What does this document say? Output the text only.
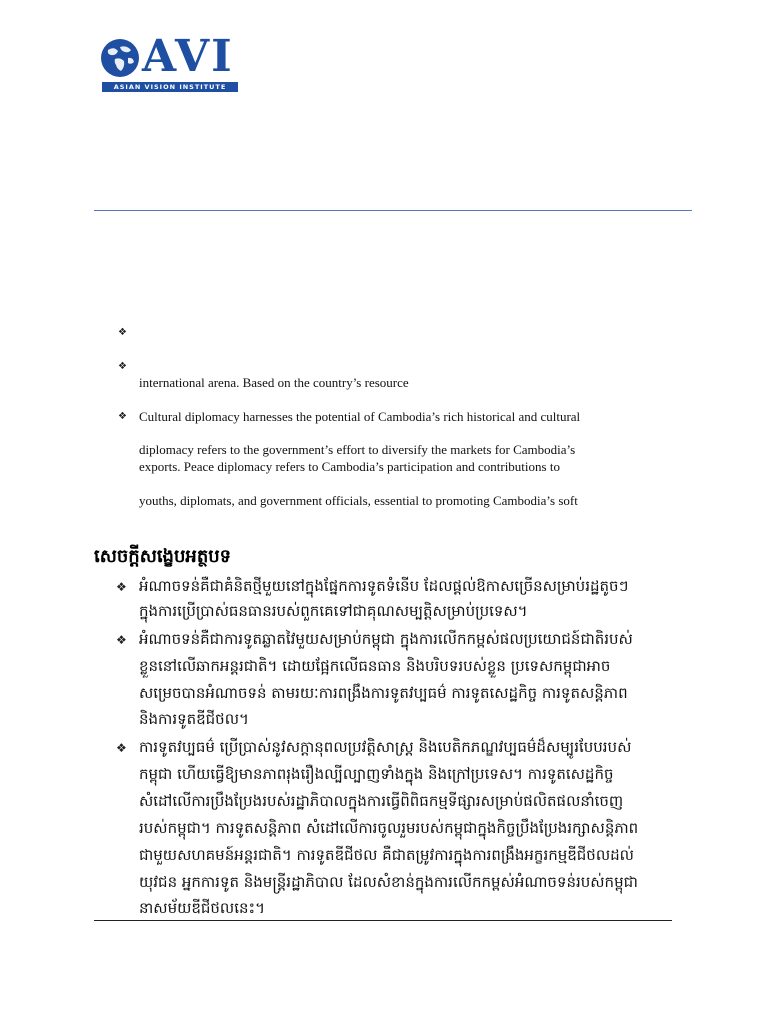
AVI
ASIAN VISION INSTITUTE
❖
❖
international arena. Based on the country’s resource
❖ Cultural diplomacy harnesses the potential of Cambodia’s rich historical and cultural
diplomacy refers to the government’s effort to diversify the markets for Cambodia’s
exports. Peace diplomacy refers to Cambodia’s participation and contributions to
youths, diplomats, and government officials, essential to promoting Cambodia’s soft
សេចក្តីសង្ខេបអត្ថបទ
❖ អំណាចទន់គឺជាគំនិតថ្មីមួយនៅក្នុងផ្នែកការទូតទំនើប ដែលផ្ដល់ឱកាសច្រើនសម្រាប់រដ្ឋតូចៗ
ក្នុងការប្រើប្រាស់ធនធានរបស់ពួកគេទៅជាគុណសម្បត្តិសម្រាប់ប្រទេស។
❖ អំណាចទន់គឺជាការទូតឆ្លាតវៃមួយសម្រាប់កម្ពុជា ក្នុងការលើកកម្ពស់ផលប្រយោជន៍ជាតិរបស់
ខ្លួននៅលើឆាកអន្តរជាតិ។ ដោយផ្អែកលើធនធាន និងបរិបទរបស់ខ្លួន ប្រទេសកម្ពុជាអាច
សម្រេចបានអំណាចទន់ តាមរយៈការពង្រឹងការទូតវប្បធម៌ ការទូតសេដ្ឋកិច្ច ការទូតសន្តិភាព
និងការទូតឌីជីថល។
❖ ការទូតវប្បធម៌ ប្រើប្រាស់នូវសក្តានុពលប្រវត្តិសាស្រ្ត និងបេតិកភណ្ឌវប្បធម៌ដ៏សម្បូរបែបរបស់
កម្ពុជា ហើយធ្វើឱ្យមានភាពរុងរឿងល្បីល្បាញទាំងក្នុង និងក្រៅប្រទេស។ ការទូតសេដ្ឋកិច្ច
សំដៅលើការប្រឹងប្រែងរបស់រដ្ឋាភិបាលក្នុងការធ្វើពិពិធកម្មទីផ្សារសម្រាប់ផលិតផលនាំចេញ
របស់កម្ពុជា។ ការទូតសន្តិភាព សំដៅលើការចូលរួមរបស់កម្ពុជាក្នុងកិច្ចប្រឹងប្រែងរក្សាសន្តិភាព
ជាមួយសហគមន៍អន្តរជាតិ។ ការទូតឌីជីថល គឺជាតម្រូវការក្នុងការពង្រឹងអក្ខរកម្មឌីជីថលដល់
យុវជន អ្នកការទូត និងមន្រ្តីរដ្ឋាភិបាល ដែលសំខាន់ក្នុងការលើកកម្ពស់អំណាចទន់របស់កម្ពុជា
នាសម័យឌីជីថលនេះ។
